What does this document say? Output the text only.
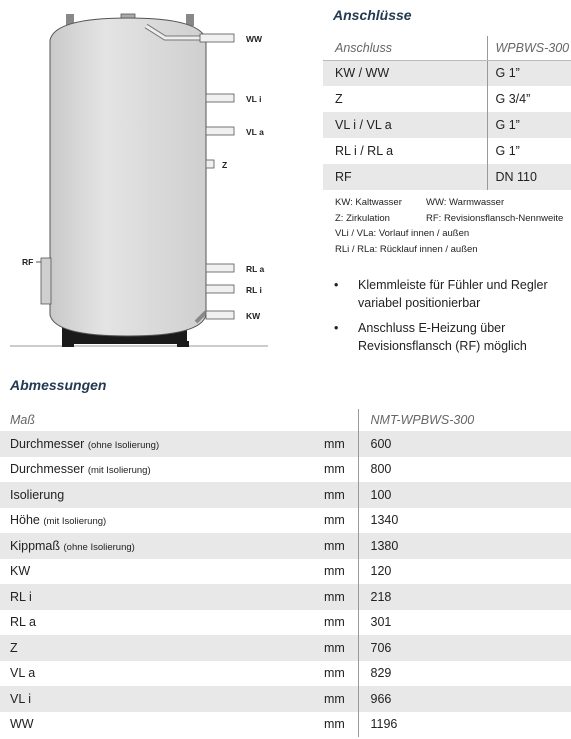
WW
VL i
VL a
Z
RL a
RL i
KW
RF
Anschlüsse
Anschluss	WPBWS-300
KW / WW	G 1”
Z	G 3/4”
VL i / VL a	G 1”
RL i / RL a	G 1”
RF	DN 110
KW: Kaltwasser	WW: Warmwasser
Z: Zirkulation	RF: Revisionsflansch-Nennweite
VLi / VLa: Vorlauf innen / außen
RLi / RLa: Rücklauf innen / außen
• Klemmleiste für Fühler und Regler variabel positionierbar
• Anschluss E-Heizung über Revisionsflansch (RF) möglich
Abmessungen
Maß		NMT-WPBWS-300
Durchmesser (ohne Isolierung)	mm	600
Durchmesser (mit Isolierung)	mm	800
Isolierung	mm	100
Höhe (mit Isolierung)	mm	1340
Kippmaß (ohne Isolierung)	mm	1380
KW	mm	120
RL i	mm	218
RL a	mm	301
Z	mm	706
VL a	mm	829
VL i	mm	966
WW	mm	1196
